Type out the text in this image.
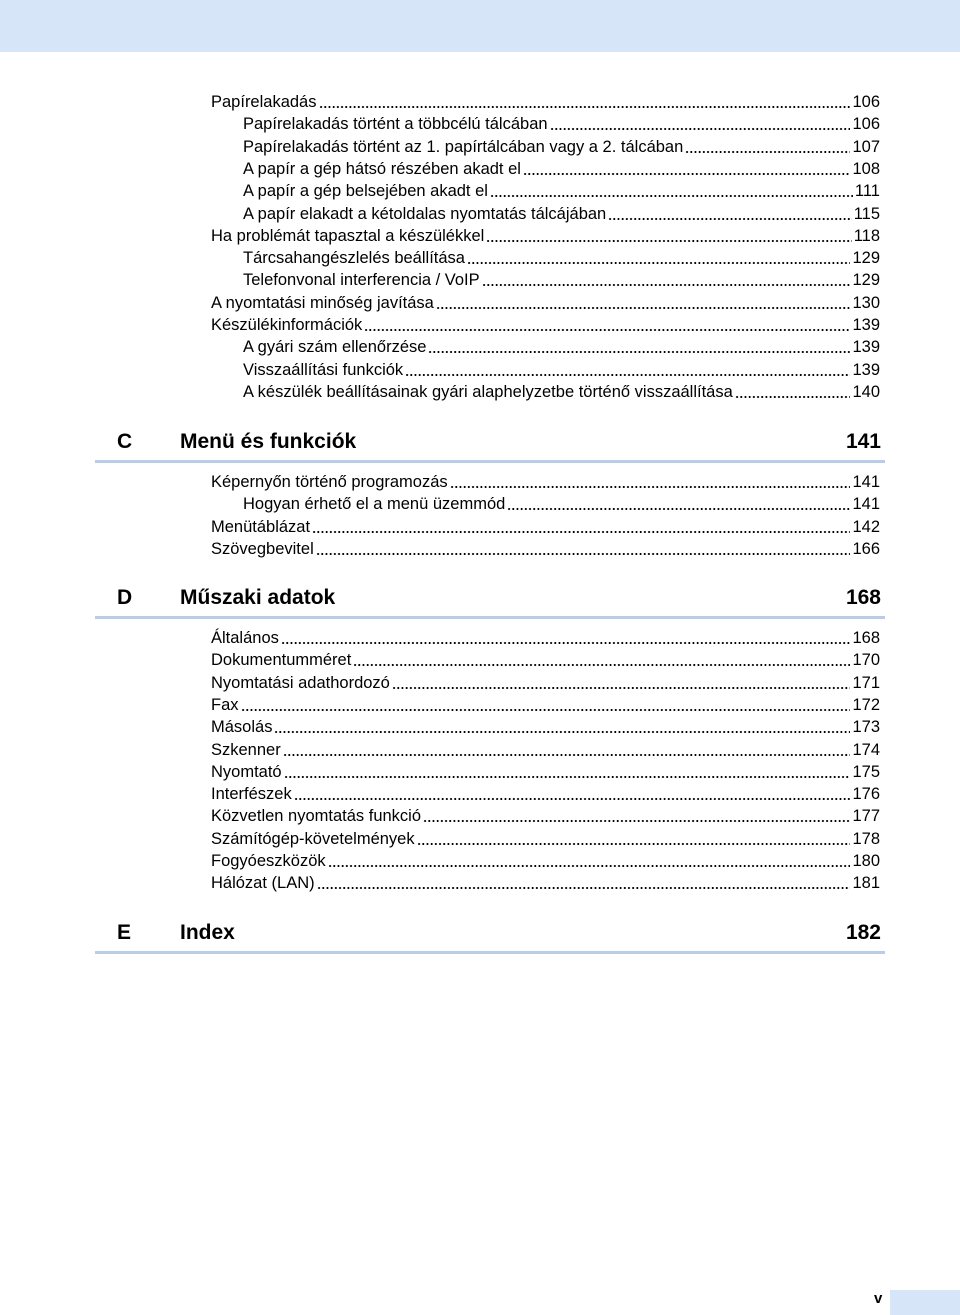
Papírelakadás	106
Papírelakadás történt a többcélú tálcában	106
Papírelakadás történt az 1. papírtálcában vagy a 2. tálcában	107
A papír a gép hátsó részében akadt el	108
A papír a gép belsejében akadt el	111
A papír elakadt a kétoldalas nyomtatás tálcájában	115
Ha problémát tapasztal a készülékkel	118
Tárcsahangészlelés beállítása	129
Telefonvonal interferencia / VoIP	129
A nyomtatási minőség javítása	130
Készülékinformációk	139
A gyári szám ellenőrzése	139
Visszaállítási funkciók	139
A készülék beállításainak gyári alaphelyzetbe történő visszaállítása	140
C Menü és funkciók	141
Képernyőn történő programozás	141
Hogyan érhető el a menü üzemmód	141
Menütáblázat	142
Szövegbevitel	166
D Műszaki adatok	168
Általános	168
Dokumentumméret	170
Nyomtatási adathordozó	171
Fax	172
Másolás	173
Szkenner	174
Nyomtató	175
Interfészek	176
Közvetlen nyomtatás funkció	177
Számítógép-követelmények	178
Fogyóeszközök	180
Hálózat (LAN)	181
E Index	182
v
